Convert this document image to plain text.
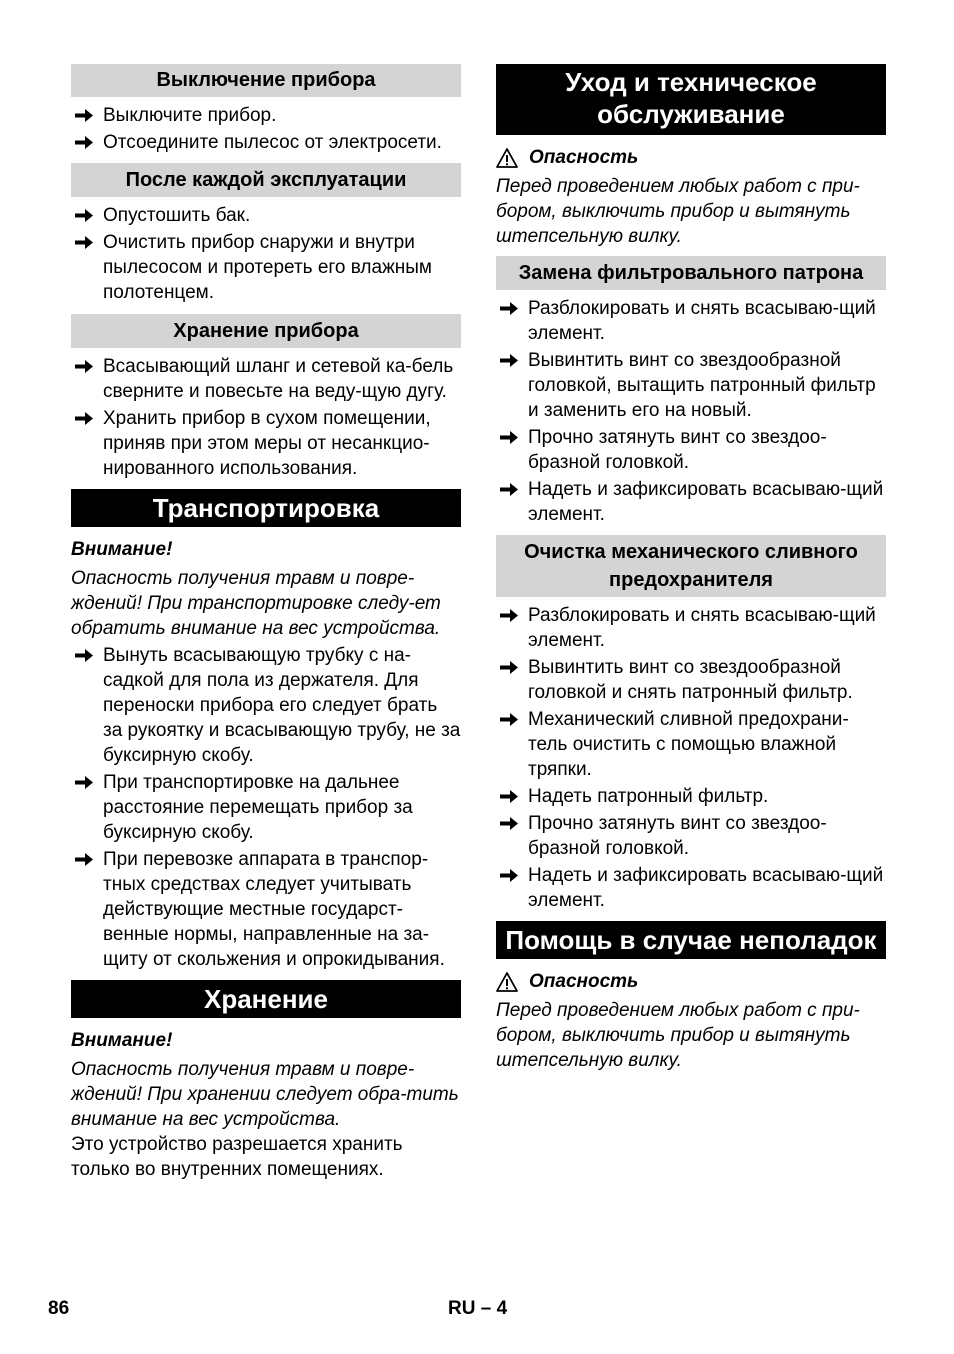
Выключение прибора
Выключите прибор.
Отсоедините пылесос от электросети.
После каждой эксплуатации
Опустошить бак.
Очистить прибор снаружи и внутри пылесосом и протереть его влажным полотенцем.
Хранение прибора
Всасывающий шланг и сетевой ка-бель сверните и повесьте на веду-щую дугу.
Хранить прибор в сухом помещении, приняв при этом меры от несанкцио-нированного использования.
Транспортировка
Внимание!
Опасность получения травм и повре-ждений! При транспортировке следу-ет обратить внимание на вес устройства.
Вынуть всасывающую трубку с на-садкой для пола из держателя. Для переноски прибора его следует брать за рукоятку и всасывающую трубу, не за буксирную скобу.
При транспортировке на дальнее расстояние перемещать прибор за буксирную скобу.
При перевозке аппарата в транспор-тных средствах следует учитывать действующие местные государст-венные нормы, направленные на за-щиту от скольжения и опрокидывания.
Хранение
Внимание!
Опасность получения травм и повре-ждений! При хранении следует обра-тить внимание на вес устройства.
Это устройство разрешается хранить только во внутренних помещениях.
Уход и техническое обслуживание
Опасность
Перед проведением любых работ с при-бором, выключить прибор и вытянуть штепсельную вилку.
Замена фильтровального патрона
Разблокировать и снять всасываю-щий элемент.
Вывинтить винт со звездообразной головкой, вытащить патронный фильтр и заменить его на новый.
Прочно затянуть винт со звездоо-бразной головкой.
Надеть и зафиксировать всасываю-щий элемент.
Очистка механического сливного предохранителя
Разблокировать и снять всасываю-щий элемент.
Вывинтить винт со звездообразной головкой и снять патронный фильтр.
Механический сливной предохрани-тель очистить с помощью влажной тряпки.
Надеть патронный фильтр.
Прочно затянуть винт со звездоо-бразной головкой.
Надеть и зафиксировать всасываю-щий элемент.
Помощь в случае неполадок
Опасность
Перед проведением любых работ с при-бором, выключить прибор и вытянуть штепсельную вилку.
86	RU – 4
